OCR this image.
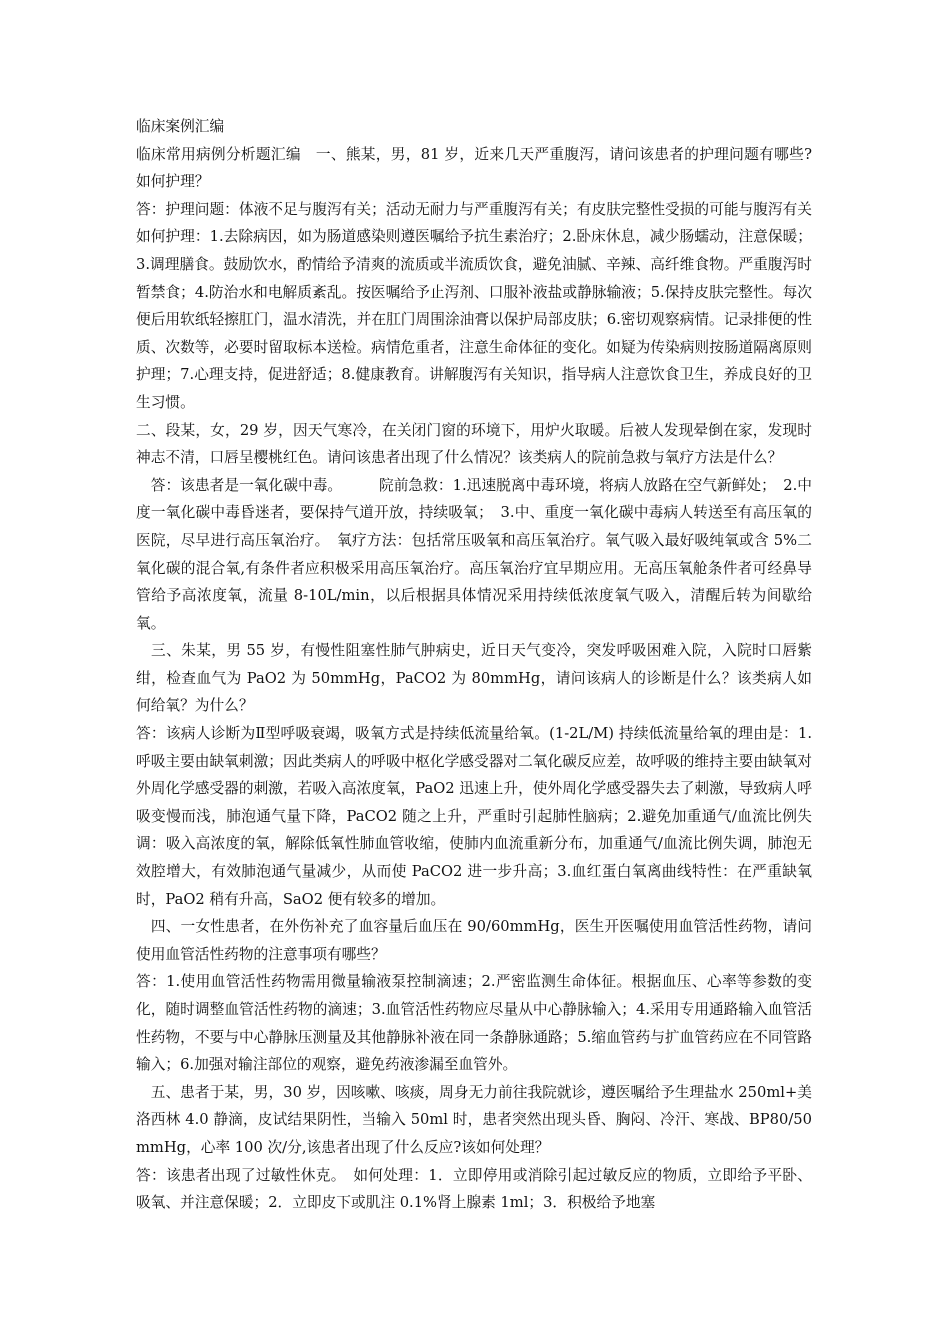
临床案例汇编

临床常用病例分析题汇编　一、熊某，男，81 岁，近来几天严重腹泻，请问该患者的护理问题有哪些?如何护理？

答：护理问题：体液不足与腹泻有关；活动无耐力与严重腹泻有关；有皮肤完整性受损的可能与腹泻有关　如何护理：1.去除病因，如为肠道感染则遵医嘱给予抗生素治疗；2.卧床休息，减少肠蠕动，注意保暖；3.调理膳食。鼓励饮水，酌情给予清爽的流质或半流质饮食，避免油腻、辛辣、高纤维食物。严重腹泻时暂禁食；4.防治水和电解质紊乱。按医嘱给予止泻剂、口服补液盐或静脉输液；5.保持皮肤完整性。每次便后用软纸轻擦肛门，温水清洗，并在肛门周围涂油膏以保护局部皮肤；6.密切观察病情。记录排便的性质、次数等，必要时留取标本送检。病情危重者，注意生命体征的变化。如疑为传染病则按肠道隔离原则护理；7.心理支持，促进舒适；8.健康教育。讲解腹泻有关知识，指导病人注意饮食卫生，养成良好的卫生习惯。

二、段某，女，29 岁，因天气寒冷，在关闭门窗的环境下，用炉火取暖。后被人发现晕倒在家，发现时神志不清，口唇呈樱桃红色。请问该患者出现了什么情况？该类病人的院前急救与氧疗方法是什么？

　答：该患者是一氧化碳中毒。　　　院前急救：1.迅速脱离中毒环境，将病人放路在空气新鲜处；　2.中度一氧化碳中毒昏迷者，要保持气道开放，持续吸氧；　3.中、重度一氧化碳中毒病人转送至有高压氧的医院，尽早进行高压氧治疗。　氧疗方法：包括常压吸氧和高压氧治疗。氧气吸入最好吸纯氧或含 5%二氧化碳的混合氧,有条件者应积极采用高压氧治疗。高压氧治疗宜早期应用。无高压氧舱条件者可经鼻导管给予高浓度氧，流量 8-10L/min，以后根据具体情况采用持续低浓度氧气吸入，清醒后转为间歇给氧。

　三、朱某，男 55 岁，有慢性阻塞性肺气肿病史，近日天气变冷，突发呼吸困难入院，入院时口唇紫绀，检查血气为 PaO2 为 50mmHg，PaCO2 为 80mmHg，请问该病人的诊断是什么？该类病人如何给氧？为什么？

答：该病人诊断为Ⅱ型呼吸衰竭，吸氧方式是持续低流量给氧。(1-2L/M) 持续低流量给氧的理由是：1.呼吸主要由缺氧刺激；因此类病人的呼吸中枢化学感受器对二氧化碳反应差，故呼吸的维持主要由缺氧对外周化学感受器的刺激，若吸入高浓度氧，PaO2 迅速上升，使外周化学感受器失去了刺激，导致病人呼吸变慢而浅，肺泡通气量下降，PaCO2 随之上升，严重时引起肺性脑病；2.避免加重通气/血流比例失调：吸入高浓度的氧，解除低氧性肺血管收缩，使肺内血流重新分布，加重通气/血流比例失调，肺泡无效腔增大，有效肺泡通气量减少，从而使 PaCO2 进一步升高；3.血红蛋白氧离曲线特性：在严重缺氧时，PaO2 稍有升高，SaO2 便有较多的增加。

　四、一女性患者，在外伤补充了血容量后血压在 90/60mmHg，医生开医嘱使用血管活性药物，请问使用血管活性药物的注意事项有哪些？

答：1.使用血管活性药物需用微量输液泵控制滴速；2.严密监测生命体征。根据血压、心率等参数的变化，随时调整血管活性药物的滴速；3.血管活性药物应尽量从中心静脉输入；4.采用专用通路输入血管活性药物，不要与中心静脉压测量及其他静脉补液在同一条静脉通路；5.缩血管药与扩血管药应在不同管路输入；6.加强对输注部位的观察，避免药液渗漏至血管外。

　五、患者于某，男，30 岁，因咳嗽、咳痰，周身无力前往我院就诊，遵医嘱给予生理盐水 250ml+美洛西林 4.0 静滴，皮试结果阴性，当输入 50ml 时，患者突然出现头昏、胸闷、冷汗、寒战、BP80/50mmHg，心率 100 次/分,该患者出现了什么反应?该如何处理？

答：该患者出现了过敏性休克。　如何处理：1．立即停用或消除引起过敏反应的物质，立即给予平卧、吸氧、并注意保暖；2．立即皮下或肌注 0.1%肾上腺素 1ml；3．积极给予地塞
